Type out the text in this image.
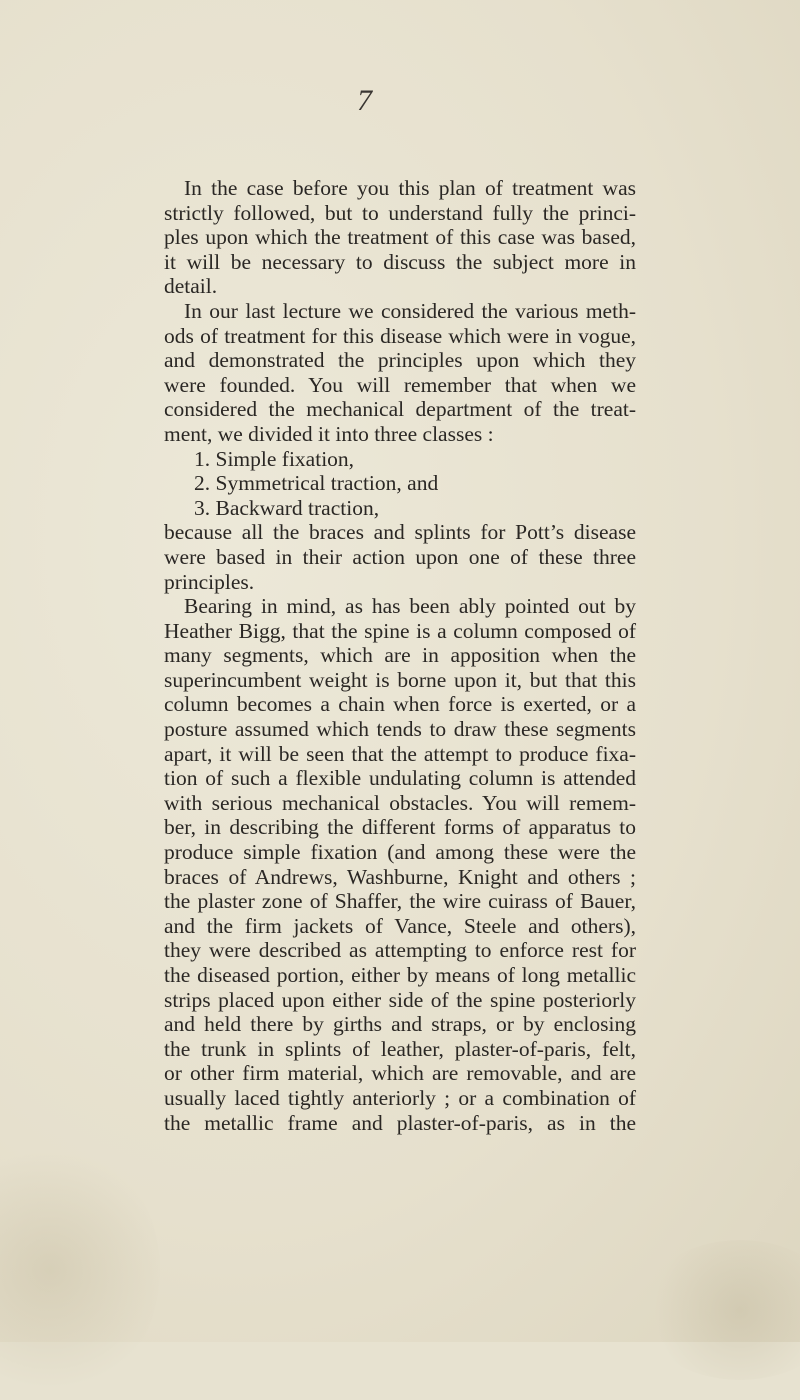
7
In the case before you this plan of treatment was
strictly followed, but to understand fully the princi-
ples upon which the treatment of this case was based,
it will be necessary to discuss the subject more in
detail.
In our last lecture we considered the various meth-
ods of treatment for this disease which were in vogue,
and demonstrated the principles upon which they
were founded. You will remember that when we
considered the mechanical department of the treat-
ment, we divided it into three classes :
1. Simple fixation,
2. Symmetrical traction, and
3. Backward traction,
because all the braces and splints for Pott’s disease
were based in their action upon one of these three
principles.
Bearing in mind, as has been ably pointed out by
Heather Bigg, that the spine is a column composed of
many segments, which are in apposition when the
superincumbent weight is borne upon it, but that this
column becomes a chain when force is exerted, or a
posture assumed which tends to draw these segments
apart, it will be seen that the attempt to produce fixa-
tion of such a flexible undulating column is attended
with serious mechanical obstacles. You will remem-
ber, in describing the different forms of apparatus to
produce simple fixation (and among these were the
braces of Andrews, Washburne, Knight and others ;
the plaster zone of Shaffer, the wire cuirass of Bauer,
and the firm jackets of Vance, Steele and others),
they were described as attempting to enforce rest for
the diseased portion, either by means of long metallic
strips placed upon either side of the spine posteriorly
and held there by girths and straps, or by enclosing
the trunk in splints of leather, plaster-of-paris, felt,
or other firm material, which are removable, and are
usually laced tightly anteriorly ; or a combination of
the metallic frame and plaster-of-paris, as in the
